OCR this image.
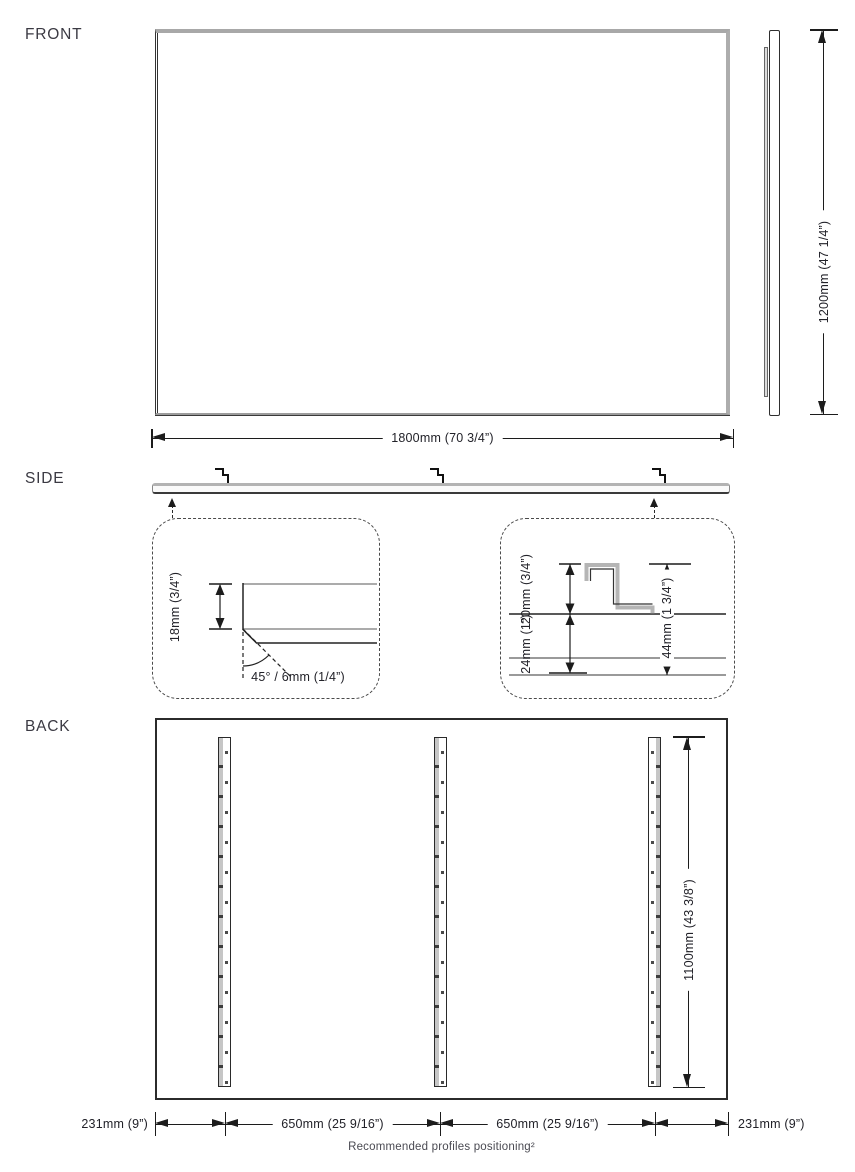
FRONT
1200mm (47 1/4”)
1800mm (70 3/4”)
SIDE
18mm (3/4”)
45° / 6mm (1/4”)
20mm (3/4”)
24mm (1”)	44mm (1 3/4”)
BACK
1100mm (43 3/8”)
650mm (25 9/16”)	650mm (25 9/16”)
231mm (9”)	231mm (9”)
Recommended profiles positioning²
